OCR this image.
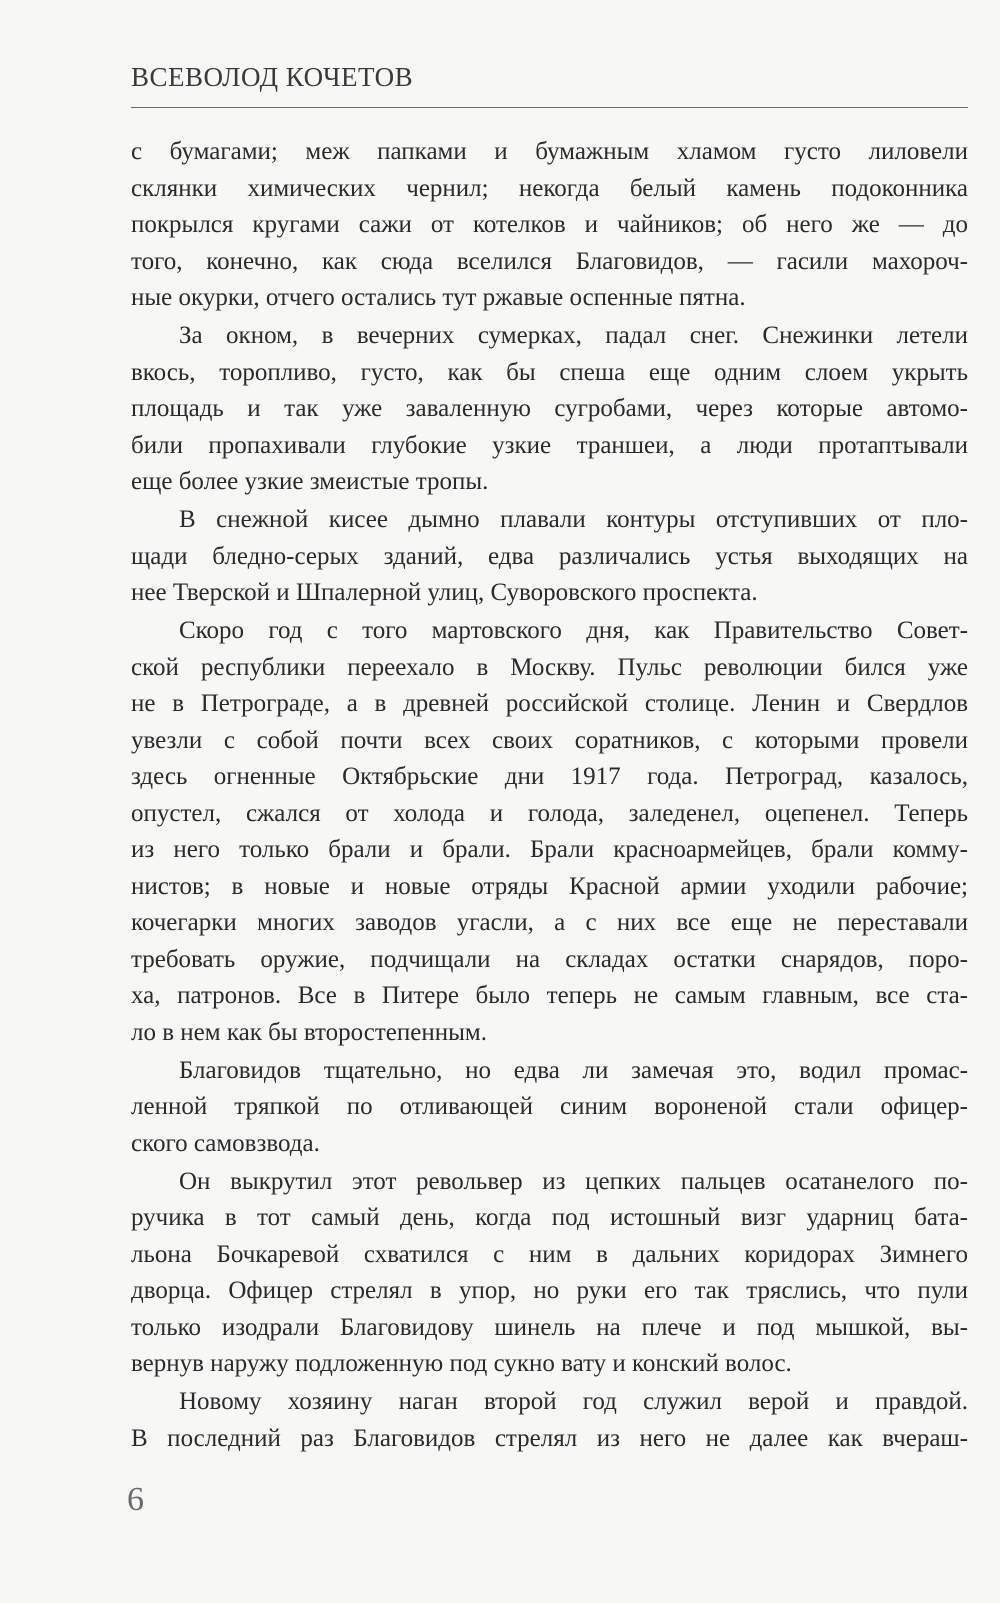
ВСЕВОЛОД КОЧЕТОВ
с бумагами; меж папками и бумажным хламом густо лиловели
склянки химических чернил; некогда белый камень подоконника
покрылся кругами сажи от котелков и чайников; об него же — до
того, конечно, как сюда вселился Благовидов, — гасили махороч-
ные окурки, отчего остались тут ржавые оспенные пятна.
За окном, в вечерних сумерках, падал снег. Снежинки летели
вкось, торопливо, густо, как бы спеша еще одним слоем укрыть
площадь и так уже заваленную сугробами, через которые автомо-
били пропахивали глубокие узкие траншеи, а люди протаптывали
еще более узкие змеистые тропы.
В снежной кисее дымно плавали контуры отступивших от пло-
щади бледно-серых зданий, едва различались устья выходящих на
нее Тверской и Шпалерной улиц, Суворовского проспекта.
Скоро год с того мартовского дня, как Правительство Совет-
ской республики переехало в Москву. Пульс революции бился уже
не в Петрограде, а в древней российской столице. Ленин и Свердлов
увезли с собой почти всех своих соратников, с которыми провели
здесь огненные Октябрьские дни 1917 года. Петроград, казалось,
опустел, сжался от холода и голода, заледенел, оцепенел. Теперь
из него только брали и брали. Брали красноармейцев, брали комму-
нистов; в новые и новые отряды Красной армии уходили рабочие;
кочегарки многих заводов угасли, а с них все еще не переставали
требовать оружие, подчищали на складах остатки снарядов, поро-
ха, патронов. Все в Питере было теперь не самым главным, все ста-
ло в нем как бы второстепенным.
Благовидов тщательно, но едва ли замечая это, водил промас-
ленной тряпкой по отливающей синим вороненой стали офицер-
ского самовзвода.
Он выкрутил этот револьвер из цепких пальцев осатанелого по-
ручика в тот самый день, когда под истошный визг ударниц бата-
льона Бочкаревой схватился с ним в дальних коридорах Зимнего
дворца. Офицер стрелял в упор, но руки его так тряслись, что пули
только изодрали Благовидову шинель на плече и под мышкой, вы-
вернув наружу подложенную под сукно вату и конский волос.
Новому хозяину наган второй год служил верой и правдой.
В последний раз Благовидов стрелял из него не далее как вчераш-
6
